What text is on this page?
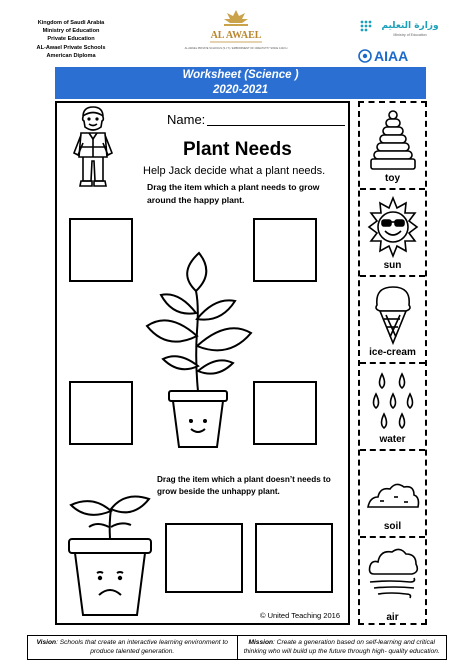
Kingdom of Saudi Arabia
Ministry of Education
Private Education
AL-Awael Private Schools
American Diploma
AL AWAEL
AL AWAEL PRIVATE SCHOOLS (S.I.T) / EMBODIMENT OF CREATIVITY SINCE 1432 H
وزارة التعليم
Ministry of Education
AIAA
Worksheet (Science )
2020-2021
Name:
Plant Needs
Help Jack decide what a plant needs.
Drag the item which a plant needs to grow around the happy plant.
Drag the item which a plant doesn’t needs to grow beside the unhappy plant.
© United Teaching 2016
toy
sun
ice-cream
water
soil
air
Vision: Schools that create an interactive learning environment to produce talented generation.
Mission: Create a generation based on self-learning and critical thinking who will build up the future through high- quality education.
